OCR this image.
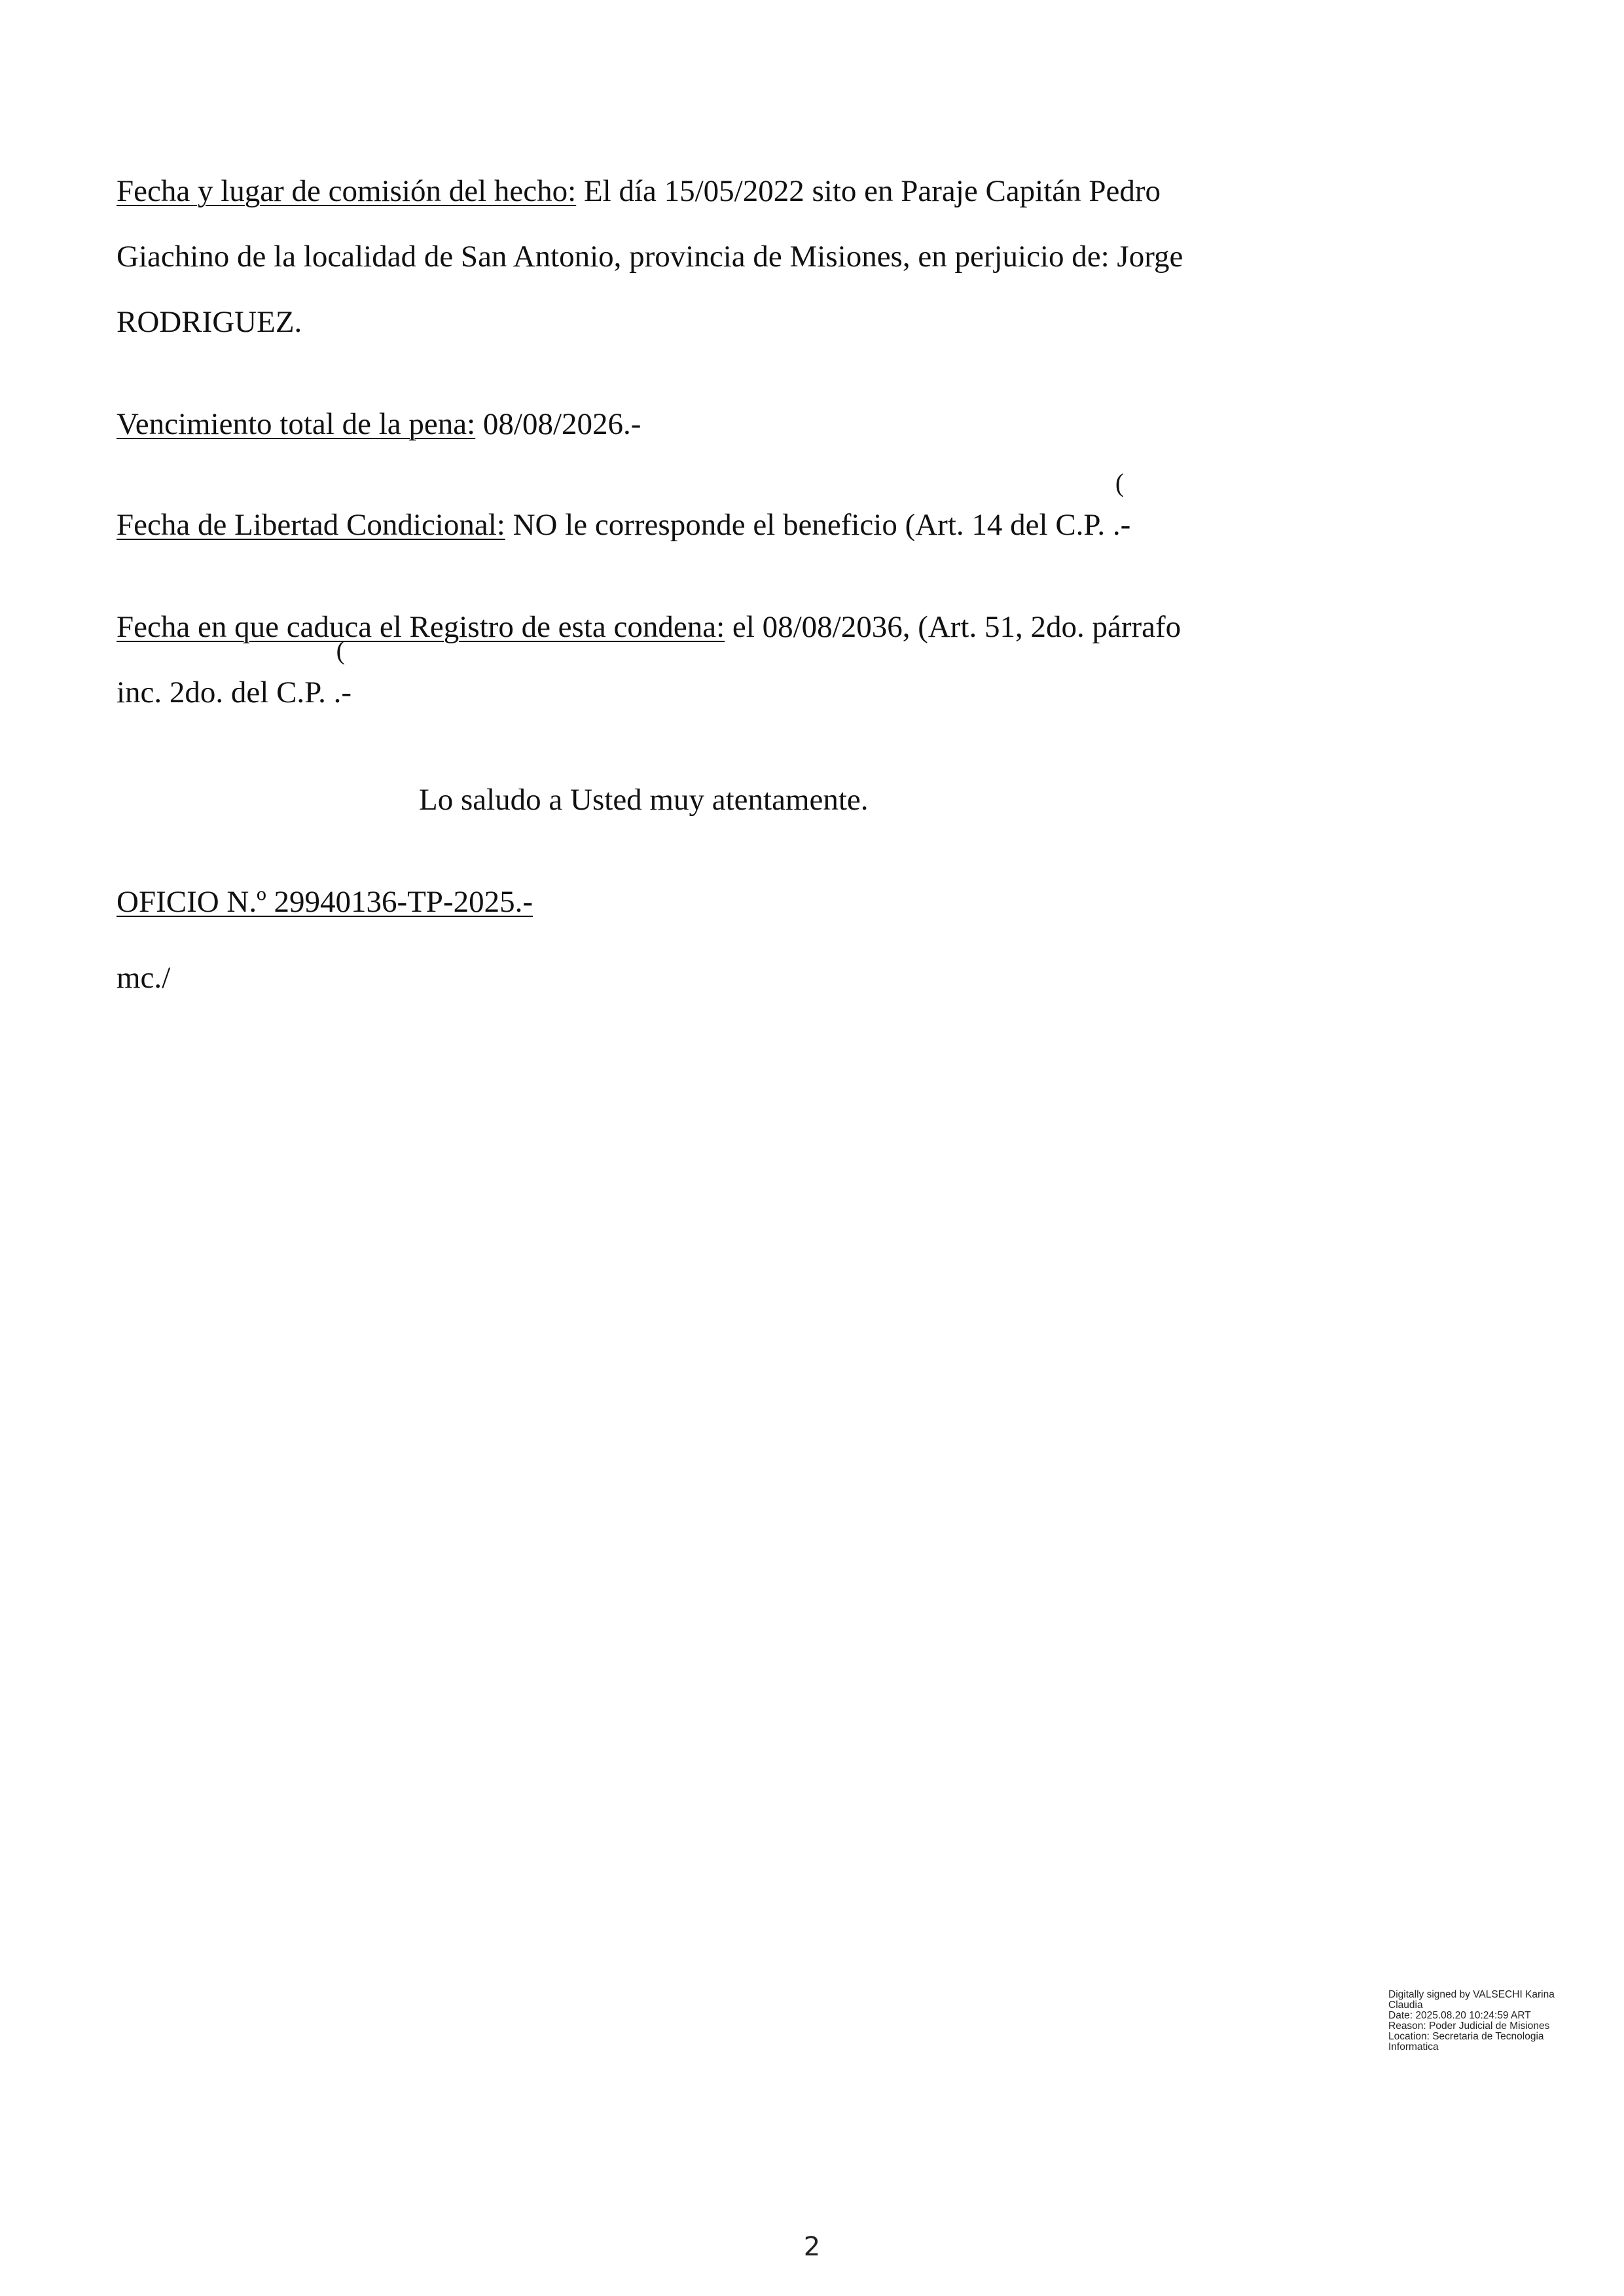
Fecha y lugar de comisión del hecho: El día 15/05/2022 sito en Paraje Capitán Pedro
Giachino de la localidad de San Antonio, provincia de Misiones, en perjuicio de: Jorge
RODRIGUEZ.
Vencimiento total de la pena: 08/08/2026.-
Fecha de Libertad Condicional: NO le corresponde el beneficio (Art. 14 del C.P.
(
.-
Fecha en que caduca el Registro de esta condena: el 08/08/2036, (Art. 51, 2do. párrafo
inc. 2do. del C.P.
(
.-
Lo saludo a Usted muy atentamente.
OFICIO N.º 29940136-TP-2025.-
mc./
Digitally signed by VALSECHI Karina
Claudia
Date: 2025.08.20 10:24:59 ART
Reason: Poder Judicial de Misiones
Location: Secretaria de Tecnologia
Informatica
2
